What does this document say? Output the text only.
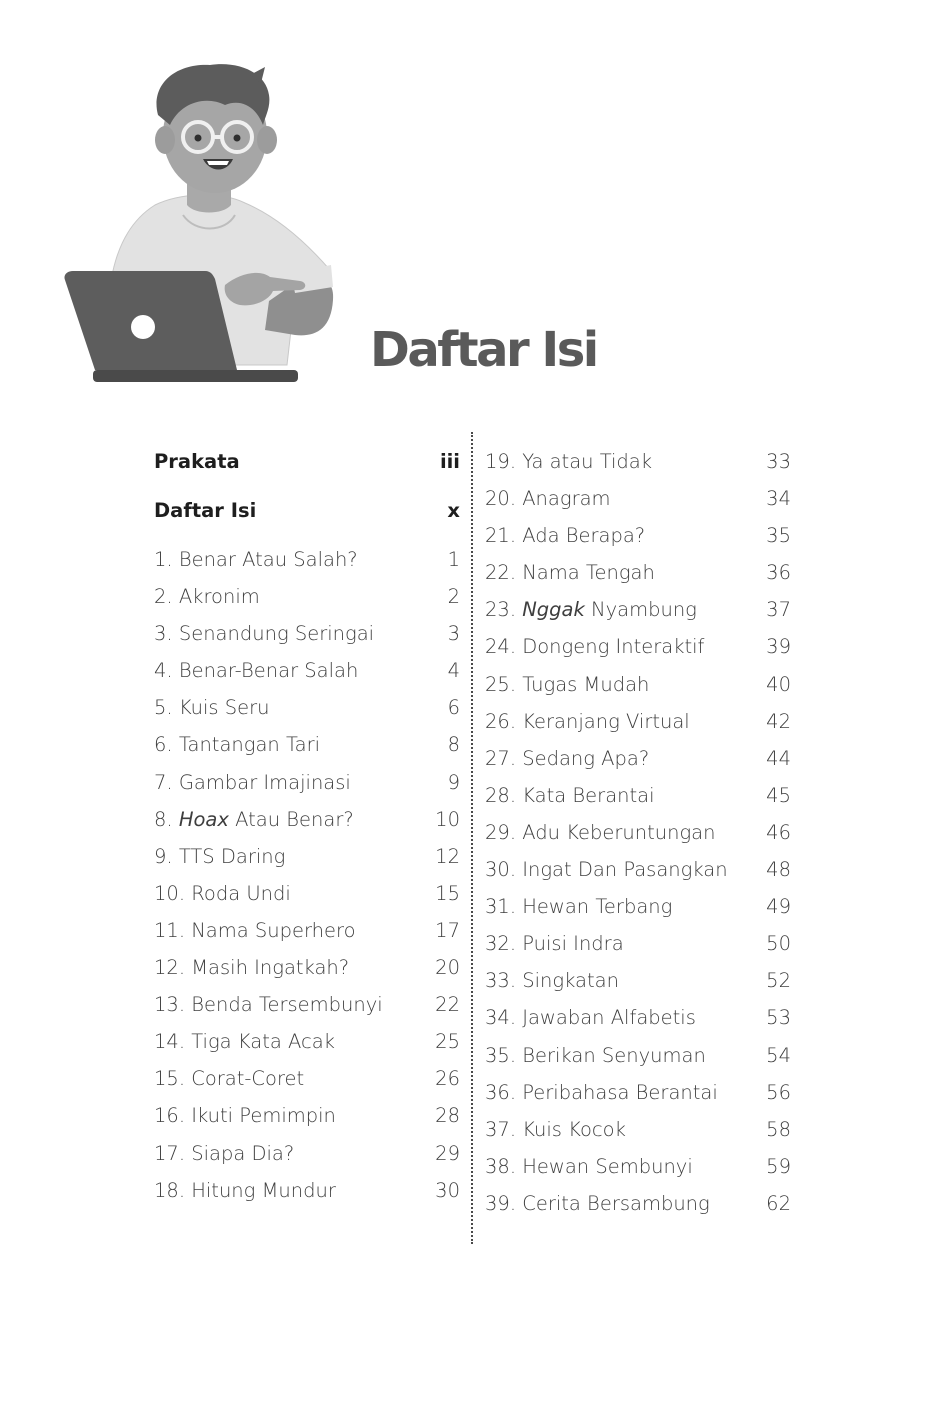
Daftar Isi
Prakata	iii
Daftar Isi	x
1. Benar Atau Salah?	1
2. Akronim	2
3. Senandung Seringai	3
4. Benar-Benar Salah	4
5. Kuis Seru	6
6. Tantangan Tari	8
7. Gambar Imajinasi	9
8. Hoax Atau Benar?	10
9. TTS Daring	12
10. Roda Undi	15
11. Nama Superhero	17
12. Masih Ingatkah?	20
13. Benda Tersembunyi	22
14. Tiga Kata Acak	25
15. Corat-Coret	26
16. Ikuti Pemimpin	28
17. Siapa Dia?	29
18. Hitung Mundur	30
19. Ya atau Tidak	33
20. Anagram	34
21. Ada Berapa?	35
22. Nama Tengah	36
23. Nggak Nyambung	37
24. Dongeng Interaktif	39
25. Tugas Mudah	40
26. Keranjang Virtual	42
27. Sedang Apa?	44
28. Kata Berantai	45
29. Adu Keberuntungan	46
30. Ingat Dan Pasangkan 48
31. Hewan Terbang	49
32. Puisi Indra	50
33. Singkatan	52
34. Jawaban Alfabetis	53
35. Berikan Senyuman	54
36. Peribahasa Berantai 56
37. Kuis Kocok	58
38. Hewan Sembunyi	59
39. Cerita Bersambung	62
